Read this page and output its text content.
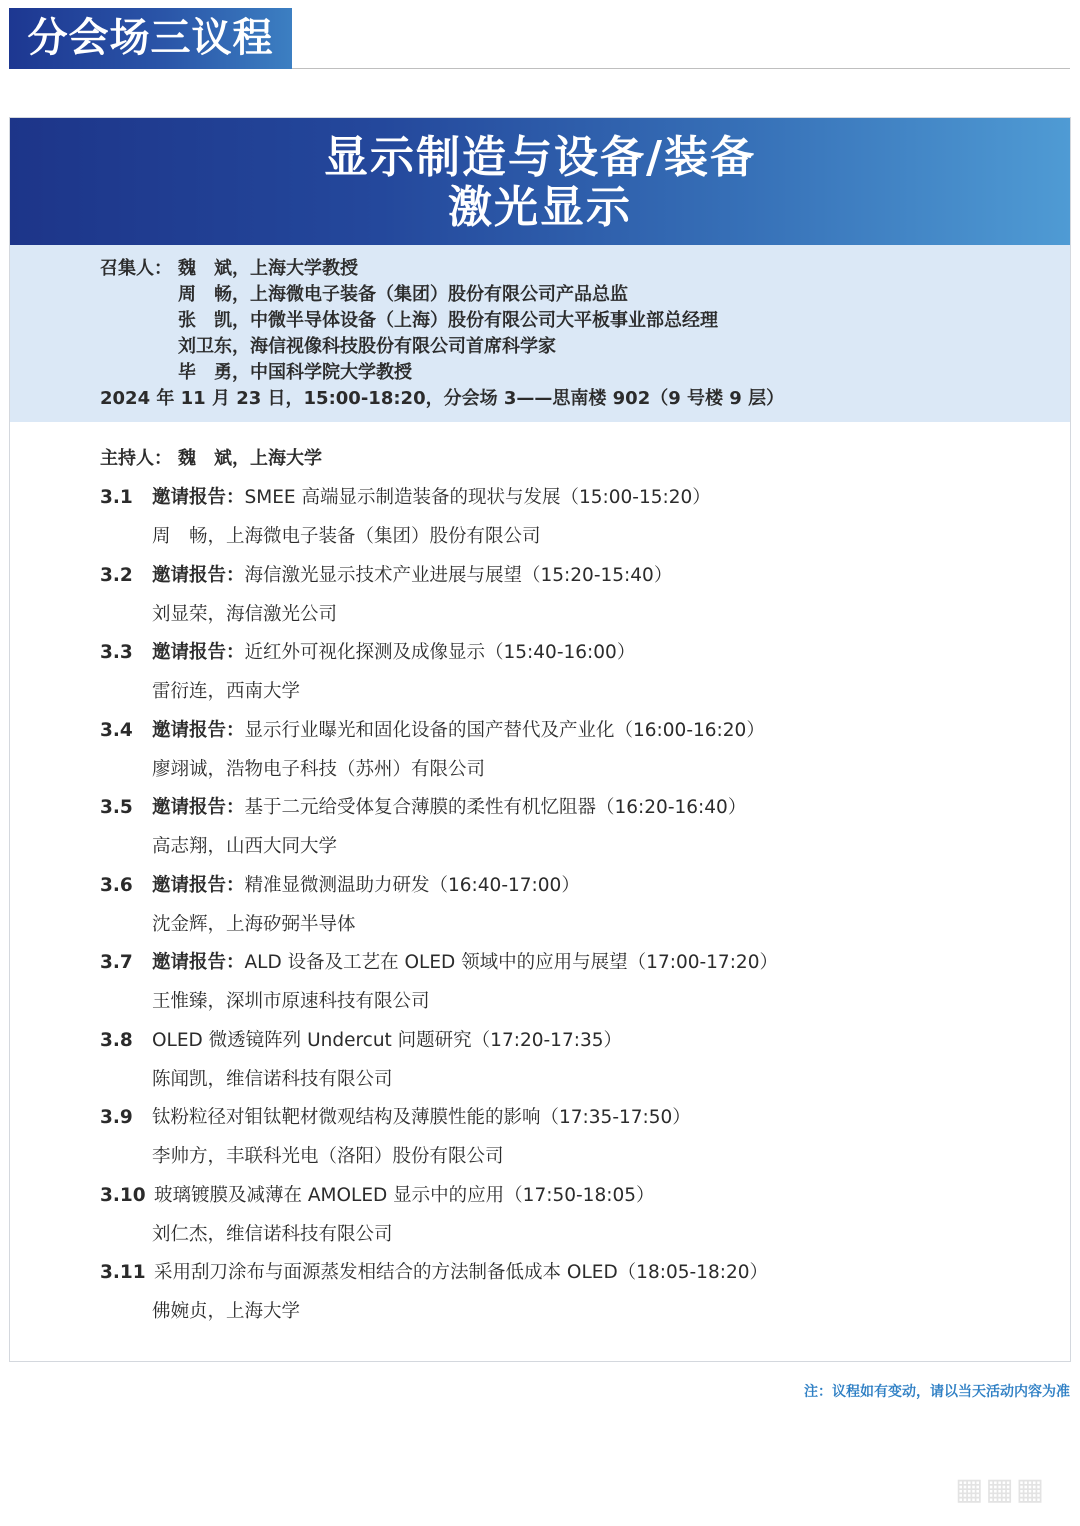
分会场三议程
显示制造与设备/装备
激光显示
召集人： 魏　斌，上海大学教授
周　畅，上海微电子装备（集团）股份有限公司产品总监
张　凯，中微半导体设备（上海）股份有限公司大平板事业部总经理
刘卫东，海信视像科技股份有限公司首席科学家
毕　勇，中国科学院大学教授
2024 年 11 月 23 日，15:00-18:20，分会场 3——思南楼 902（9 号楼 9 层）
主持人： 魏　斌，上海大学
3.1 邀请报告：SMEE 高端显示制造装备的现状与发展（15:00-15:20）
周　畅，上海微电子装备（集团）股份有限公司
3.2 邀请报告：海信激光显示技术产业进展与展望（15:20-15:40）
刘显荣，海信激光公司
3.3 邀请报告：近红外可视化探测及成像显示（15:40-16:00）
雷衍连，西南大学
3.4 邀请报告：显示行业曝光和固化设备的国产替代及产业化（16:00-16:20）
廖翊诚，浩物电子科技（苏州）有限公司
3.5 邀请报告：基于二元给受体复合薄膜的柔性有机忆阻器（16:20-16:40）
高志翔，山西大同大学
3.6 邀请报告：精准显微测温助力研发（16:40-17:00）
沈金辉，上海矽弼半导体
3.7 邀请报告：ALD 设备及工艺在 OLED 领域中的应用与展望（17:00-17:20）
王惟臻，深圳市原速科技有限公司
3.8 OLED 微透镜阵列 Undercut 问题研究（17:20-17:35）
陈闻凯，维信诺科技有限公司
3.9 钛粉粒径对钼钛靶材微观结构及薄膜性能的影响（17:35-17:50）
李帅方，丰联科光电（洛阳）股份有限公司
3.10 玻璃镀膜及减薄在 AMOLED 显示中的应用（17:50-18:05）
刘仁杰，维信诺科技有限公司
3.11 采用刮刀涂布与面源蒸发相结合的方法制备低成本 OLED（18:05-18:20）
佛婉贞，上海大学
注：议程如有变动，请以当天活动内容为准
▦▦▦
